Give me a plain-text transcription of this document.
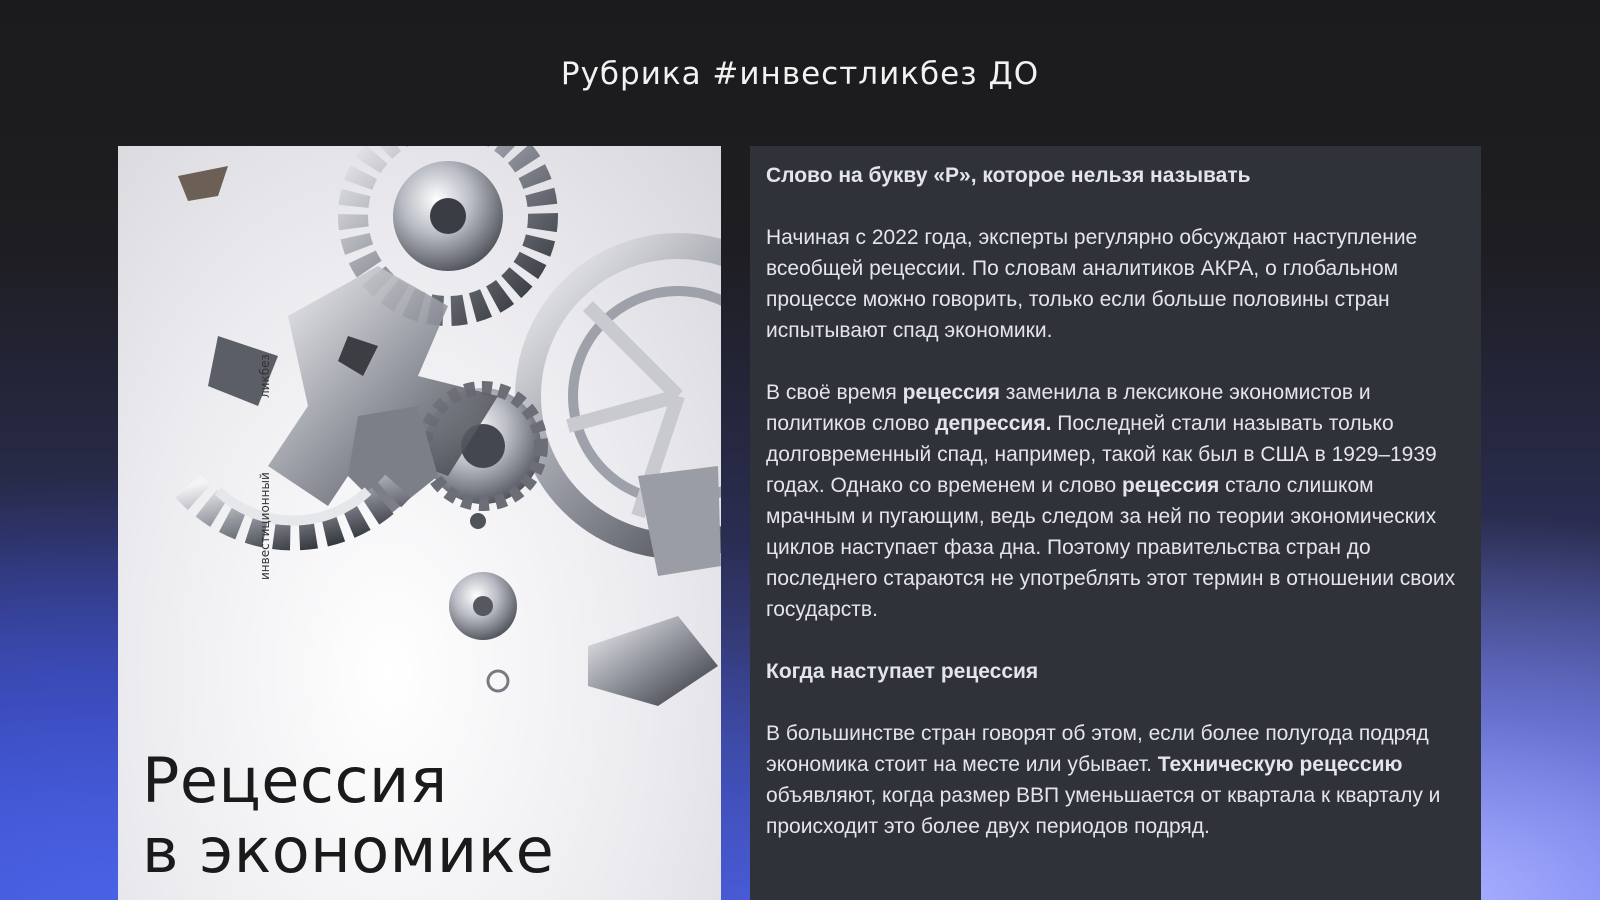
Рубрика #инвестликбез ДО
ликбез
инвестиционный
Рецессия
в экономике

Слово на букву «Р», которое нельзя называть

Начиная с 2022 года, эксперты регулярно обсуждают наступление всеобщей рецессии. По словам аналитиков АКРА, о глобальном процессе можно говорить, только если больше половины стран испытывают спад экономики.

В своё время рецессия заменила в лексиконе экономистов и политиков слово депрессия. Последней стали называть только долговременный спад, например, такой как был в США в 1929–1939 годах. Однако со временем и слово рецессия стало слишком мрачным и пугающим, ведь следом за ней по теории экономических циклов наступает фаза дна. Поэтому правительства стран до последнего стараются не употреблять этот термин в отношении своих государств.

Когда наступает рецессия

В большинстве стран говорят об этом, если более полугода подряд экономика стоит на месте или убывает. Техническую рецессию объявляют, когда размер ВВП уменьшается от квартала к кварталу и происходит это более двух периодов подряд.
